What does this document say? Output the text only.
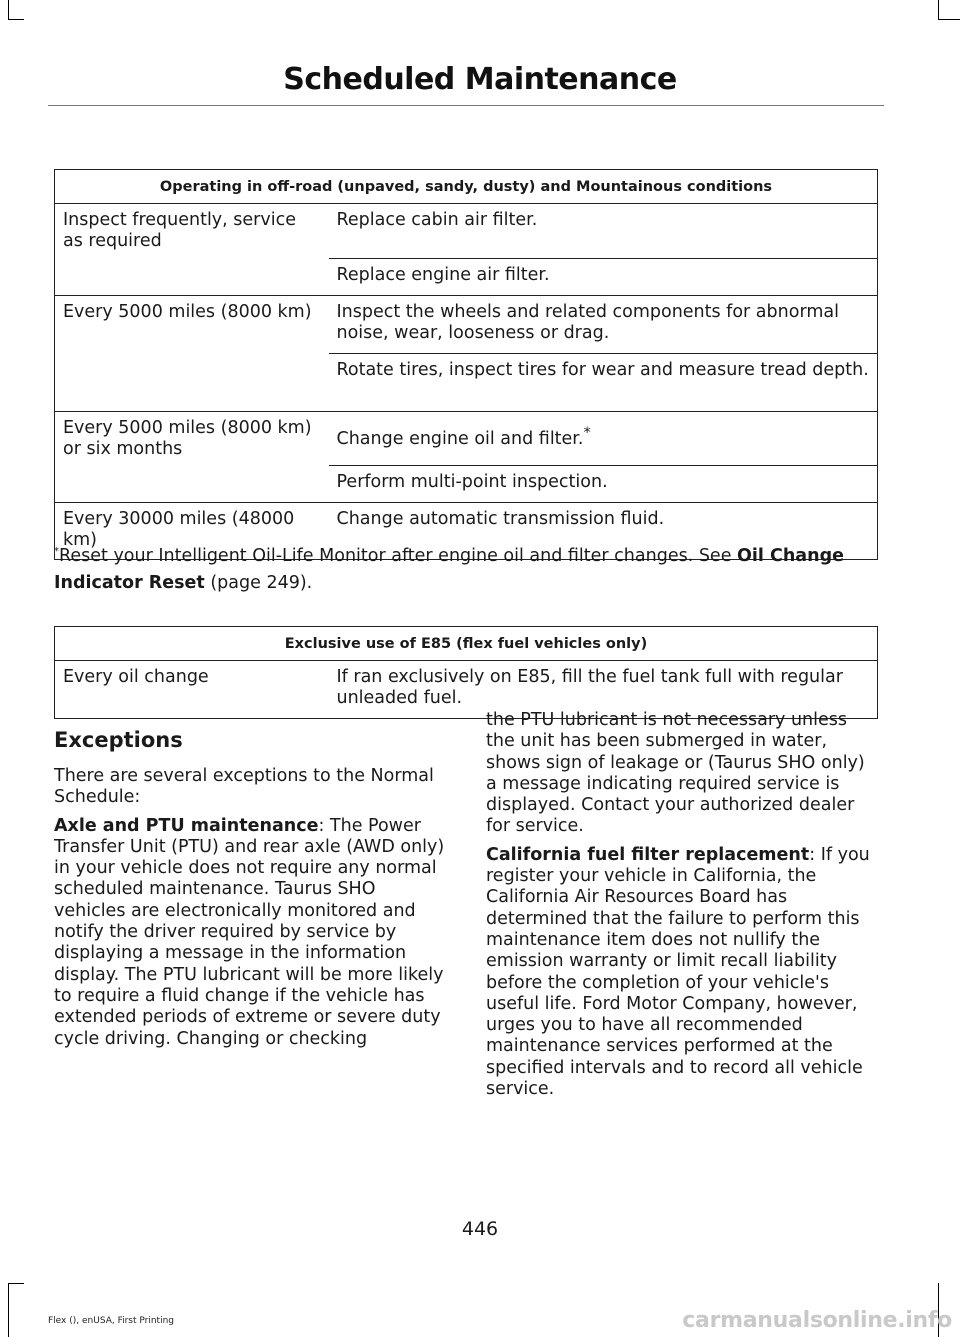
Scheduled Maintenance
Operating in off-road (unpaved, sandy, dusty) and Mountainous conditions	
Inspect frequently, service as required	Replace cabin air filter.
	Replace engine air filter.
Every 5000 miles (8000 km)	Inspect the wheels and related components for abnormal noise, wear, looseness or drag.
	Rotate tires, inspect tires for wear and measure tread depth.
Every 5000 miles (8000 km) or six months	Change engine oil and filter.*
	Perform multi-point inspection.
Every 30000 miles (48000 km)	Change automatic transmission fluid.
*Reset your Intelligent Oil-Life Monitor after engine oil and filter changes. See Oil Change Indicator Reset (page 249).
Exclusive use of E85 (flex fuel vehicles only)
Every oil change	If ran exclusively on E85, fill the fuel tank full with regular unleaded fuel.
Exceptions

There are several exceptions to the Normal Schedule:

Axle and PTU maintenance: The Power Transfer Unit (PTU) and rear axle (AWD only) in your vehicle does not require any normal scheduled maintenance. Taurus SHO vehicles are electronically monitored and notify the driver required by service by displaying a message in the information display. The PTU lubricant will be more likely to require a fluid change if the vehicle has extended periods of extreme or severe duty cycle driving. Changing or checking

the PTU lubricant is not necessary unless the unit has been submerged in water, shows sign of leakage or (Taurus SHO only) a message indicating required service is displayed. Contact your authorized dealer for service.

California fuel filter replacement: If you register your vehicle in California, the California Air Resources Board has determined that the failure to perform this maintenance item does not nullify the emission warranty or limit recall liability before the completion of your vehicle's useful life. Ford Motor Company, however, urges you to have all recommended maintenance services performed at the specified intervals and to record all vehicle service.

446
Flex (), enUSA, First Printing	carmanualsonline.info
